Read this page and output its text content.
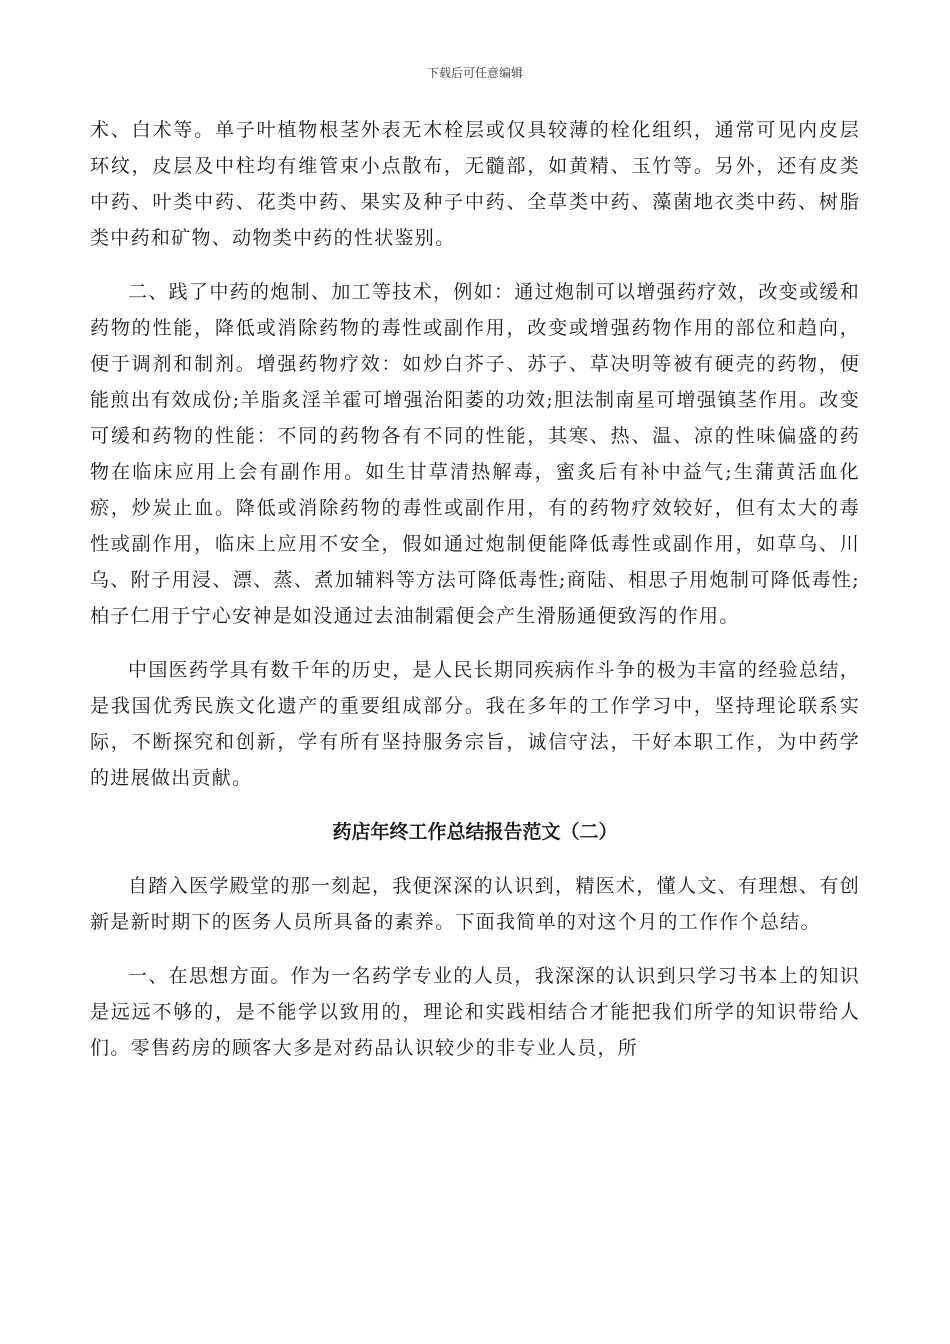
下载后可任意编辑

术、白术等。单子叶植物根茎外表无木栓层或仅具较薄的栓化组织，通常可见内皮层环纹，皮层及中柱均有维管束小点散布，无髓部，如黄精、玉竹等。另外，还有皮类中药、叶类中药、花类中药、果实及种子中药、全草类中药、藻菌地衣类中药、树脂类中药和矿物、动物类中药的性状鉴别。

二、践了中药的炮制、加工等技术，例如：通过炮制可以增强药疗效，改变或缓和药物的性能，降低或消除药物的毒性或副作用，改变或增强药物作用的部位和趋向，便于调剂和制剂。增强药物疗效：如炒白芥子、苏子、草决明等被有硬壳的药物，便能煎出有效成份;羊脂炙淫羊霍可增强治阳萎的功效;胆法制南星可增强镇茎作用。改变可缓和药物的性能：不同的药物各有不同的性能，其寒、热、温、凉的性味偏盛的药物在临床应用上会有副作用。如生甘草清热解毒，蜜炙后有补中益气;生蒲黄活血化瘀，炒炭止血。降低或消除药物的毒性或副作用，有的药物疗效较好，但有太大的毒性或副作用，临床上应用不安全，假如通过炮制便能降低毒性或副作用，如草乌、川乌、附子用浸、漂、蒸、煮加辅料等方法可降低毒性;商陆、相思子用炮制可降低毒性;柏子仁用于宁心安神是如没通过去油制霜便会产生滑肠通便致泻的作用。

中国医药学具有数千年的历史，是人民长期同疾病作斗争的极为丰富的经验总结，是我国优秀民族文化遗产的重要组成部分。我在多年的工作学习中，坚持理论联系实际，不断探究和创新，学有所有坚持服务宗旨，诚信守法，干好本职工作，为中药学的进展做出贡献。

药店年终工作总结报告范文（二）

自踏入医学殿堂的那一刻起，我便深深的认识到，精医术，懂人文、有理想、有创新是新时期下的医务人员所具备的素养。下面我简单的对这个月的工作作个总结。

一、在思想方面。作为一名药学专业的人员，我深深的认识到只学习书本上的知识是远远不够的，是不能学以致用的，理论和实践相结合才能把我们所学的知识带给人们。零售药房的顾客大多是对药品认识较少的非专业人员，所
